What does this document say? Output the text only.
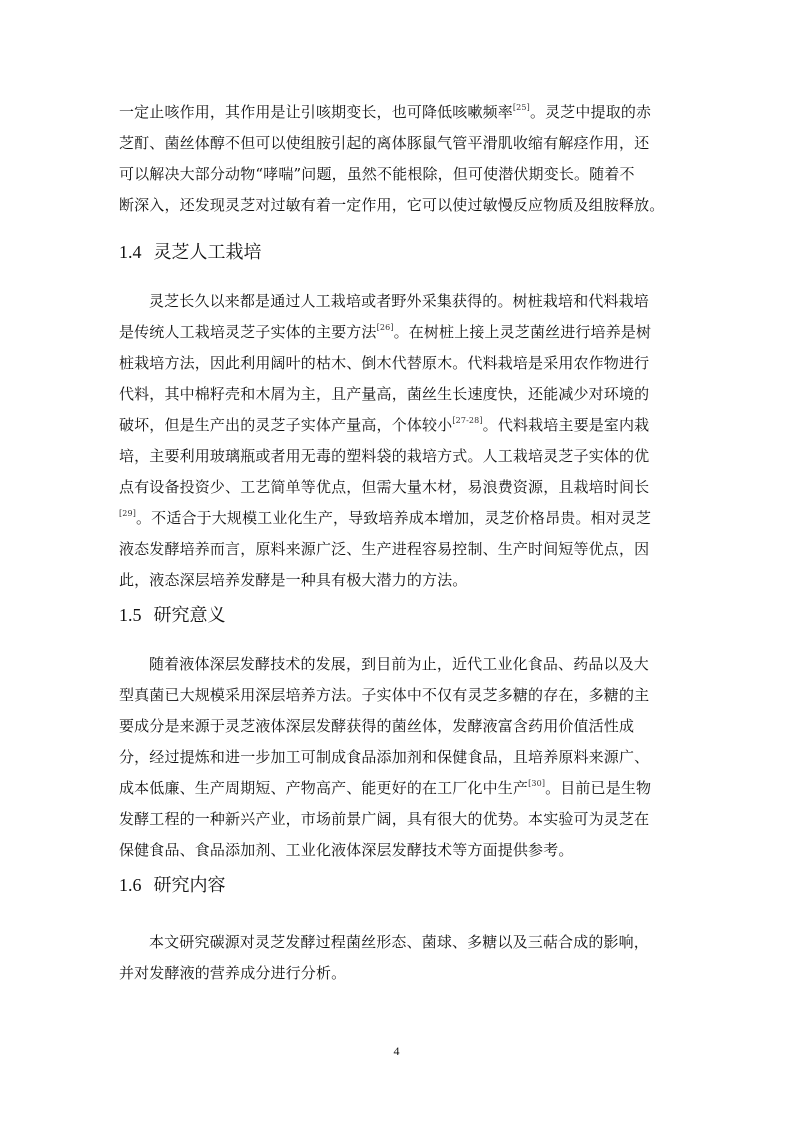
一定止咳作用，其作用是让引咳期变长，也可降低咳嗽频率[25]。灵芝中提取的赤
芝酊、菌丝体醇不但可以使组胺引起的离体豚鼠气管平滑肌收缩有解痉作用，还
可以解决大部分动物“哮喘”问题，虽然不能根除，但可使潜伏期变长。随着不
断深入，还发现灵芝对过敏有着一定作用，它可以使过敏慢反应物质及组胺释放。

1.4 灵芝人工栽培

灵芝长久以来都是通过人工栽培或者野外采集获得的。树桩栽培和代料栽培
是传统人工栽培灵芝子实体的主要方法[26]。在树桩上接上灵芝菌丝进行培养是树
桩栽培方法，因此利用阔叶的枯木、倒木代替原木。代料栽培是采用农作物进行
代料，其中棉籽壳和木屑为主，且产量高，菌丝生长速度快，还能减少对环境的
破坏，但是生产出的灵芝子实体产量高，个体较小[27-28]。代料栽培主要是室内栽
培，主要利用玻璃瓶或者用无毒的塑料袋的栽培方式。人工栽培灵芝子实体的优
点有设备投资少、工艺简单等优点，但需大量木材，易浪费资源，且栽培时间长
[29]。不适合于大规模工业化生产，导致培养成本增加，灵芝价格昂贵。相对灵芝
液态发酵培养而言，原料来源广泛、生产进程容易控制、生产时间短等优点，因
此，液态深层培养发酵是一种具有极大潜力的方法。

1.5 研究意义

随着液体深层发酵技术的发展，到目前为止，近代工业化食品、药品以及大
型真菌已大规模采用深层培养方法。子实体中不仅有灵芝多糖的存在，多糖的主
要成分是来源于灵芝液体深层发酵获得的菌丝体，发酵液富含药用价值活性成
分，经过提炼和进一步加工可制成食品添加剂和保健食品，且培养原料来源广、
成本低廉、生产周期短、产物高产、能更好的在工厂化中生产[30]。目前已是生物
发酵工程的一种新兴产业，市场前景广阔，具有很大的优势。本实验可为灵芝在
保健食品、食品添加剂、工业化液体深层发酵技术等方面提供参考。

1.6 研究内容

本文研究碳源对灵芝发酵过程菌丝形态、菌球、多糖以及三萜合成的影响，
并对发酵液的营养成分进行分析。

4
